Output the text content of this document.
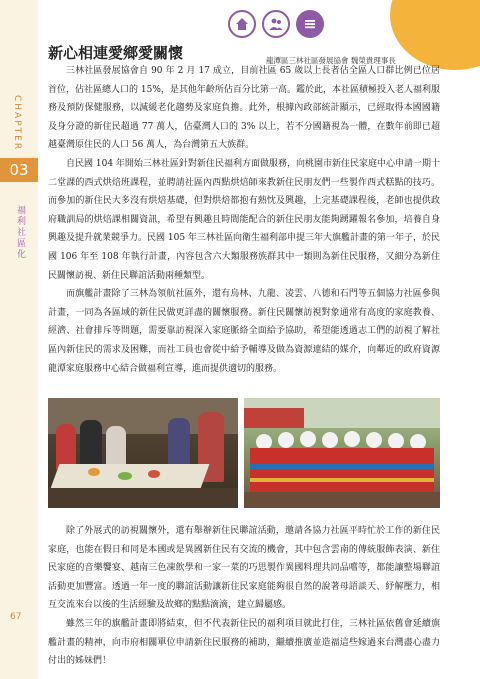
CHAPTER
03
福利社區化
67
新心相連愛鄉愛關懷	龍潭區三林社區發展協會 魏榮貴理事長

三林社區發展協會自 90 年 2 月 17 成立，目前社區 65 歲以上長者佔全區人口群比例已位居首位，佔社區總人口的 15%，是其他年齡所佔百分比第一高。鑑於此，本社區積極投入老人福利服務及預防保健服務，以減緩老化趨勢及家庭負擔。此外，根據內政部統計顯示，已經取得本國國籍及身分證的新住民超過 77 萬人，佔臺灣人口的 3% 以上，若不分國籍視為一體，在數年前即已超越臺灣原住民的人口 56 萬人，為台灣第五大族群。

自民國 104 年開始三林社區針對新住民福利方面做服務，向桃園市新住民家庭中心申請一期十二堂課的西式烘焙班課程，並聘請社區內西點烘焙師來教新住民朋友們一些製作西式糕點的技巧。而參加的新住民大多沒有烘焙基礎，但對烘焙都抱有熱忱及興趣，上完基礎課程後，老師也提供政府職訓局的烘焙課相關資訊，希望有興趣且時間能配合的新住民朋友能夠踴躍報名參加，培養自身興趣及提升就業競爭力。民國 105 年三林社區向衛生福利部申提三年大旗艦計畫的第一年子，於民國 106 年至 108 年執行計畫，內容包含六大類服務族群其中一類則為新住民服務，又細分為新住民關懷訪視、新住民聯誼活動兩種類型。

而旗艦計畫除了三林為領航社區外，還有烏林、九龍、凌雲、八德和石門等五個協力社區參與計畫，一同為各區域的新住民做更詳盡的關懷服務。新住民關懷訪視對象通常有高度的家庭教養、經濟、社會排斥等問題，需要靠訪視深入家庭脈絡全面給予協助，希望能透過志工們的訪視了解社區內新住民的需求及困難，而社工員也會從中給予輔導及做為資源連結的媒介，向鄰近的政府資源龍潭家庭服務中心結合做福利宣導，進而提供適切的服務。

除了外展式的訪視關懷外，還有舉辦新住民聯誼活動，邀請各協力社區平時忙於工作的新住民家庭，也能在假日和同是本國或是異國新住民有交流的機會，其中包含雲南的傳統服飾表演、新住民家庭的音樂饗宴、越南三色凍飲學和一家一菜的巧思製作異國料理共同品嚐等，都能讓整場聯誼活動更加豐富。透過一年一度的聯誼活動讓新住民家庭能夠很自然的說著母語談天、紓解壓力，相互交流來台以後的生活經驗及故鄉的點點滴滴，建立歸屬感。

雖然三年的旗艦計畫即將結束，但不代表新住民的福利項目就此打住，三林社區依舊會延續旗艦計畫的精神，向市府相關單位申請新住民服務的補助，繼續推廣並造福這些嫁過來台灣盡心盡力付出的姊妹們！
